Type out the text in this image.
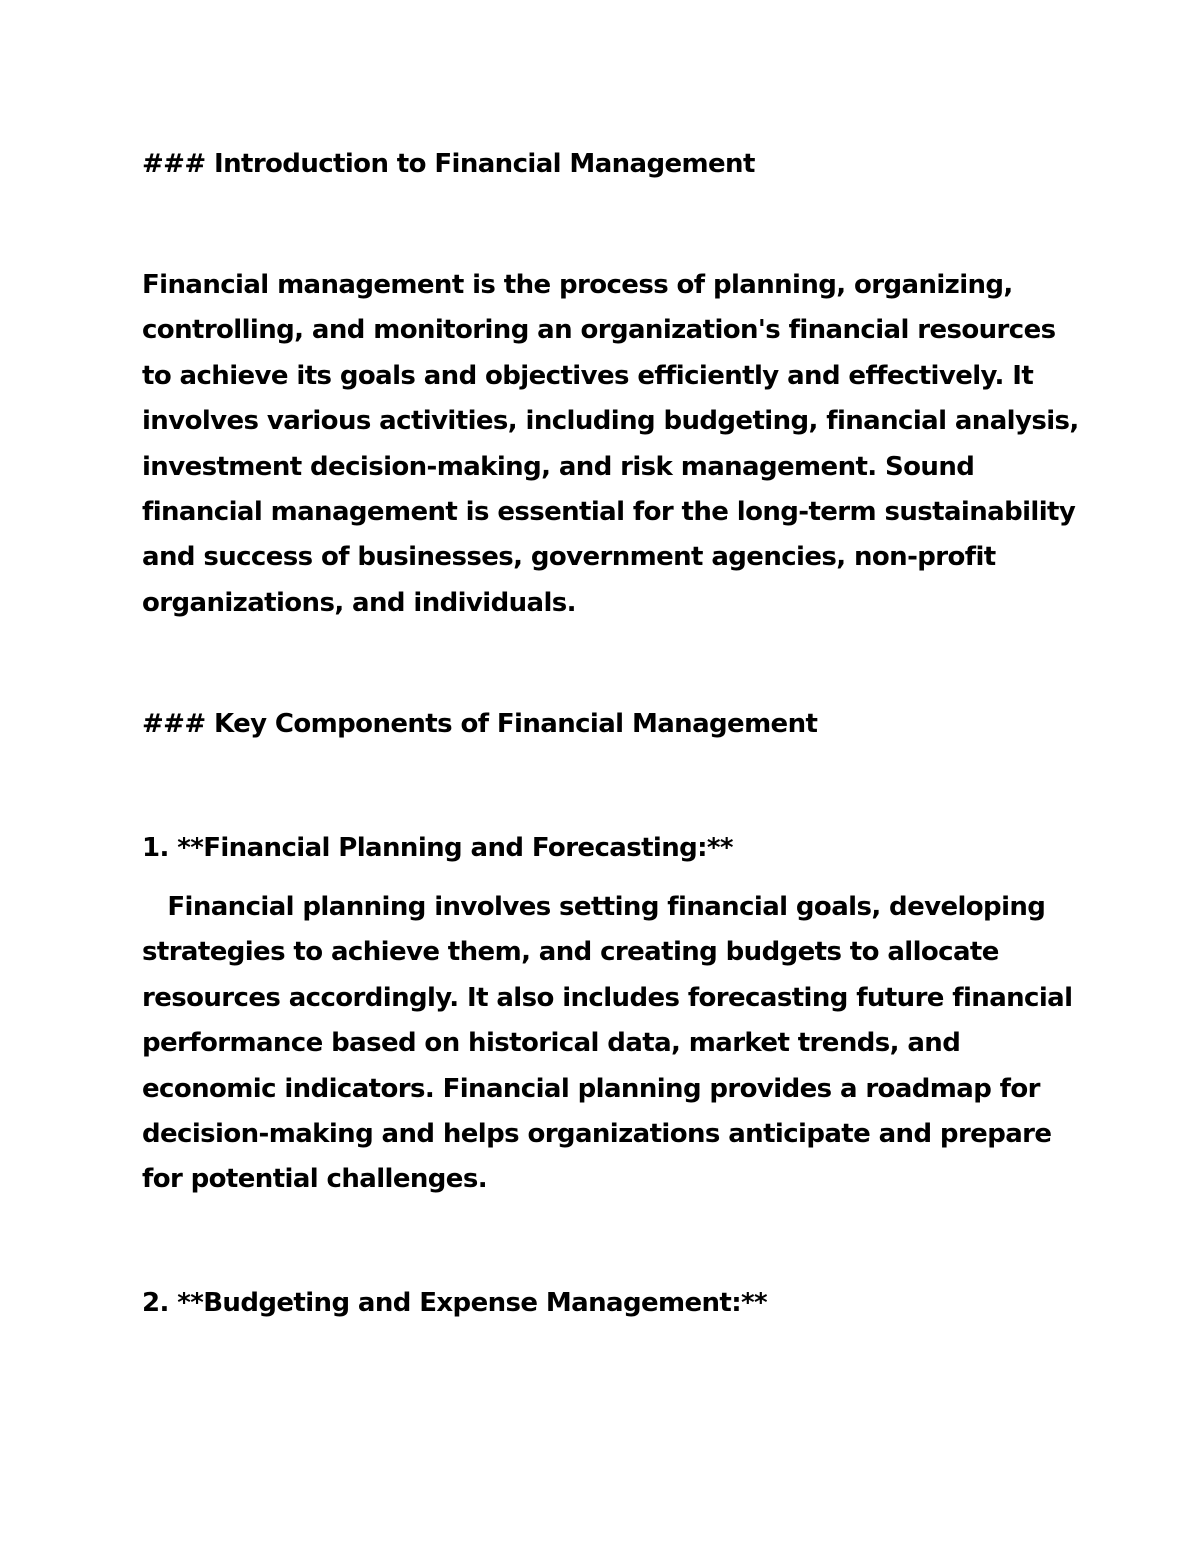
### Introduction to Financial Management

Financial management is the process of planning, organizing,
controlling, and monitoring an organization's financial resources
to achieve its goals and objectives efficiently and effectively. It
involves various activities, including budgeting, financial analysis,
investment decision-making, and risk management. Sound
financial management is essential for the long-term sustainability
and success of businesses, government agencies, non-profit
organizations, and individuals.

### Key Components of Financial Management

1. **Financial Planning and Forecasting:**

Financial planning involves setting financial goals, developing
strategies to achieve them, and creating budgets to allocate
resources accordingly. It also includes forecasting future financial
performance based on historical data, market trends, and
economic indicators. Financial planning provides a roadmap for
decision-making and helps organizations anticipate and prepare
for potential challenges.

2. **Budgeting and Expense Management:**
